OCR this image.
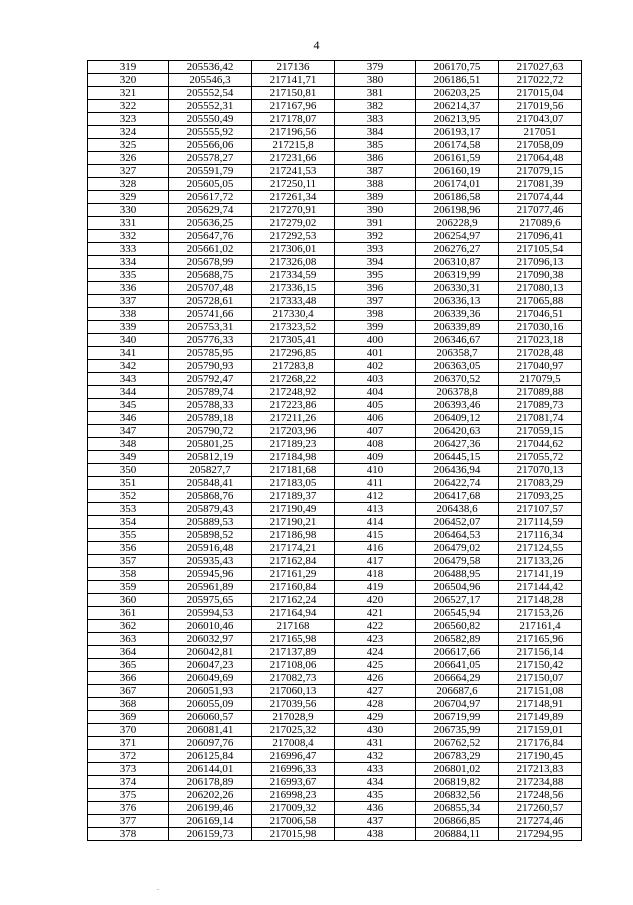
4
319	205536,42	217136	379	206170,75	217027,63
320	205546,3	217141,71	380	206186,51	217022,72
321	205552,54	217150,81	381	206203,25	217015,04
322	205552,31	217167,96	382	206214,37	217019,56
323	205550,49	217178,07	383	206213,95	217043,07
324	205555,92	217196,56	384	206193,17	217051
325	205566,06	217215,8	385	206174,58	217058,09
326	205578,27	217231,66	386	206161,59	217064,48
327	205591,79	217241,53	387	206160,19	217079,15
328	205605,05	217250,11	388	206174,01	217081,39
329	205617,72	217261,34	389	206186,58	217074,44
330	205629,74	217270,91	390	206198,96	217077,46
331	205636,25	217279,02	391	206228,9	217089,6
332	205647,76	217292,53	392	206254,97	217096,41
333	205661,02	217306,01	393	206276,27	217105,54
334	205678,99	217326,08	394	206310,87	217096,13
335	205688,75	217334,59	395	206319,99	217090,38
336	205707,48	217336,15	396	206330,31	217080,13
337	205728,61	217333,48	397	206336,13	217065,88
338	205741,66	217330,4	398	206339,36	217046,51
339	205753,31	217323,52	399	206339,89	217030,16
340	205776,33	217305,41	400	206346,67	217023,18
341	205785,95	217296,85	401	206358,7	217028,48
342	205790,93	217283,8	402	206363,05	217040,97
343	205792,47	217268,22	403	206370,52	217079,5
344	205789,74	217248,92	404	206378,8	217089,88
345	205788,33	217223,86	405	206393,46	217089,73
346	205789,18	217211,26	406	206409,12	217081,74
347	205790,72	217203,96	407	206420,63	217059,15
348	205801,25	217189,23	408	206427,36	217044,62
349	205812,19	217184,98	409	206445,15	217055,72
350	205827,7	217181,68	410	206436,94	217070,13
351	205848,41	217183,05	411	206422,74	217083,29
352	205868,76	217189,37	412	206417,68	217093,25
353	205879,43	217190,49	413	206438,6	217107,57
354	205889,53	217190,21	414	206452,07	217114,59
355	205898,52	217186,98	415	206464,53	217116,34
356	205916,48	217174,21	416	206479,02	217124,55
357	205935,43	217162,84	417	206479,58	217133,26
358	205945,96	217161,29	418	206488,95	217141,19
359	205961,89	217160,84	419	206504,96	217144,42
360	205975,65	217162,24	420	206527,17	217148,28
361	205994,53	217164,94	421	206545,94	217153,26
362	206010,46	217168	422	206560,82	217161,4
363	206032,97	217165,98	423	206582,89	217165,96
364	206042,81	217137,89	424	206617,66	217156,14
365	206047,23	217108,06	425	206641,05	217150,42
366	206049,69	217082,73	426	206664,29	217150,07
367	206051,93	217060,13	427	206687,6	217151,08
368	206055,09	217039,56	428	206704,97	217148,91
369	206060,57	217028,9	429	206719,99	217149,89
370	206081,41	217025,32	430	206735,99	217159,01
371	206097,76	217008,4	431	206762,52	217176,84
372	206125,84	216996,47	432	206783,29	217190,45
373	206144,01	216996,33	433	206801,02	217213,83
374	206178,89	216993,67	434	206819,82	217234,88
375	206202,26	216998,23	435	206832,56	217248,56
376	206199,46	217009,32	436	206855,34	217260,57
377	206169,14	217006,58	437	206866,85	217274,46
378	206159,73	217015,98	438	206884,11	217294,95
